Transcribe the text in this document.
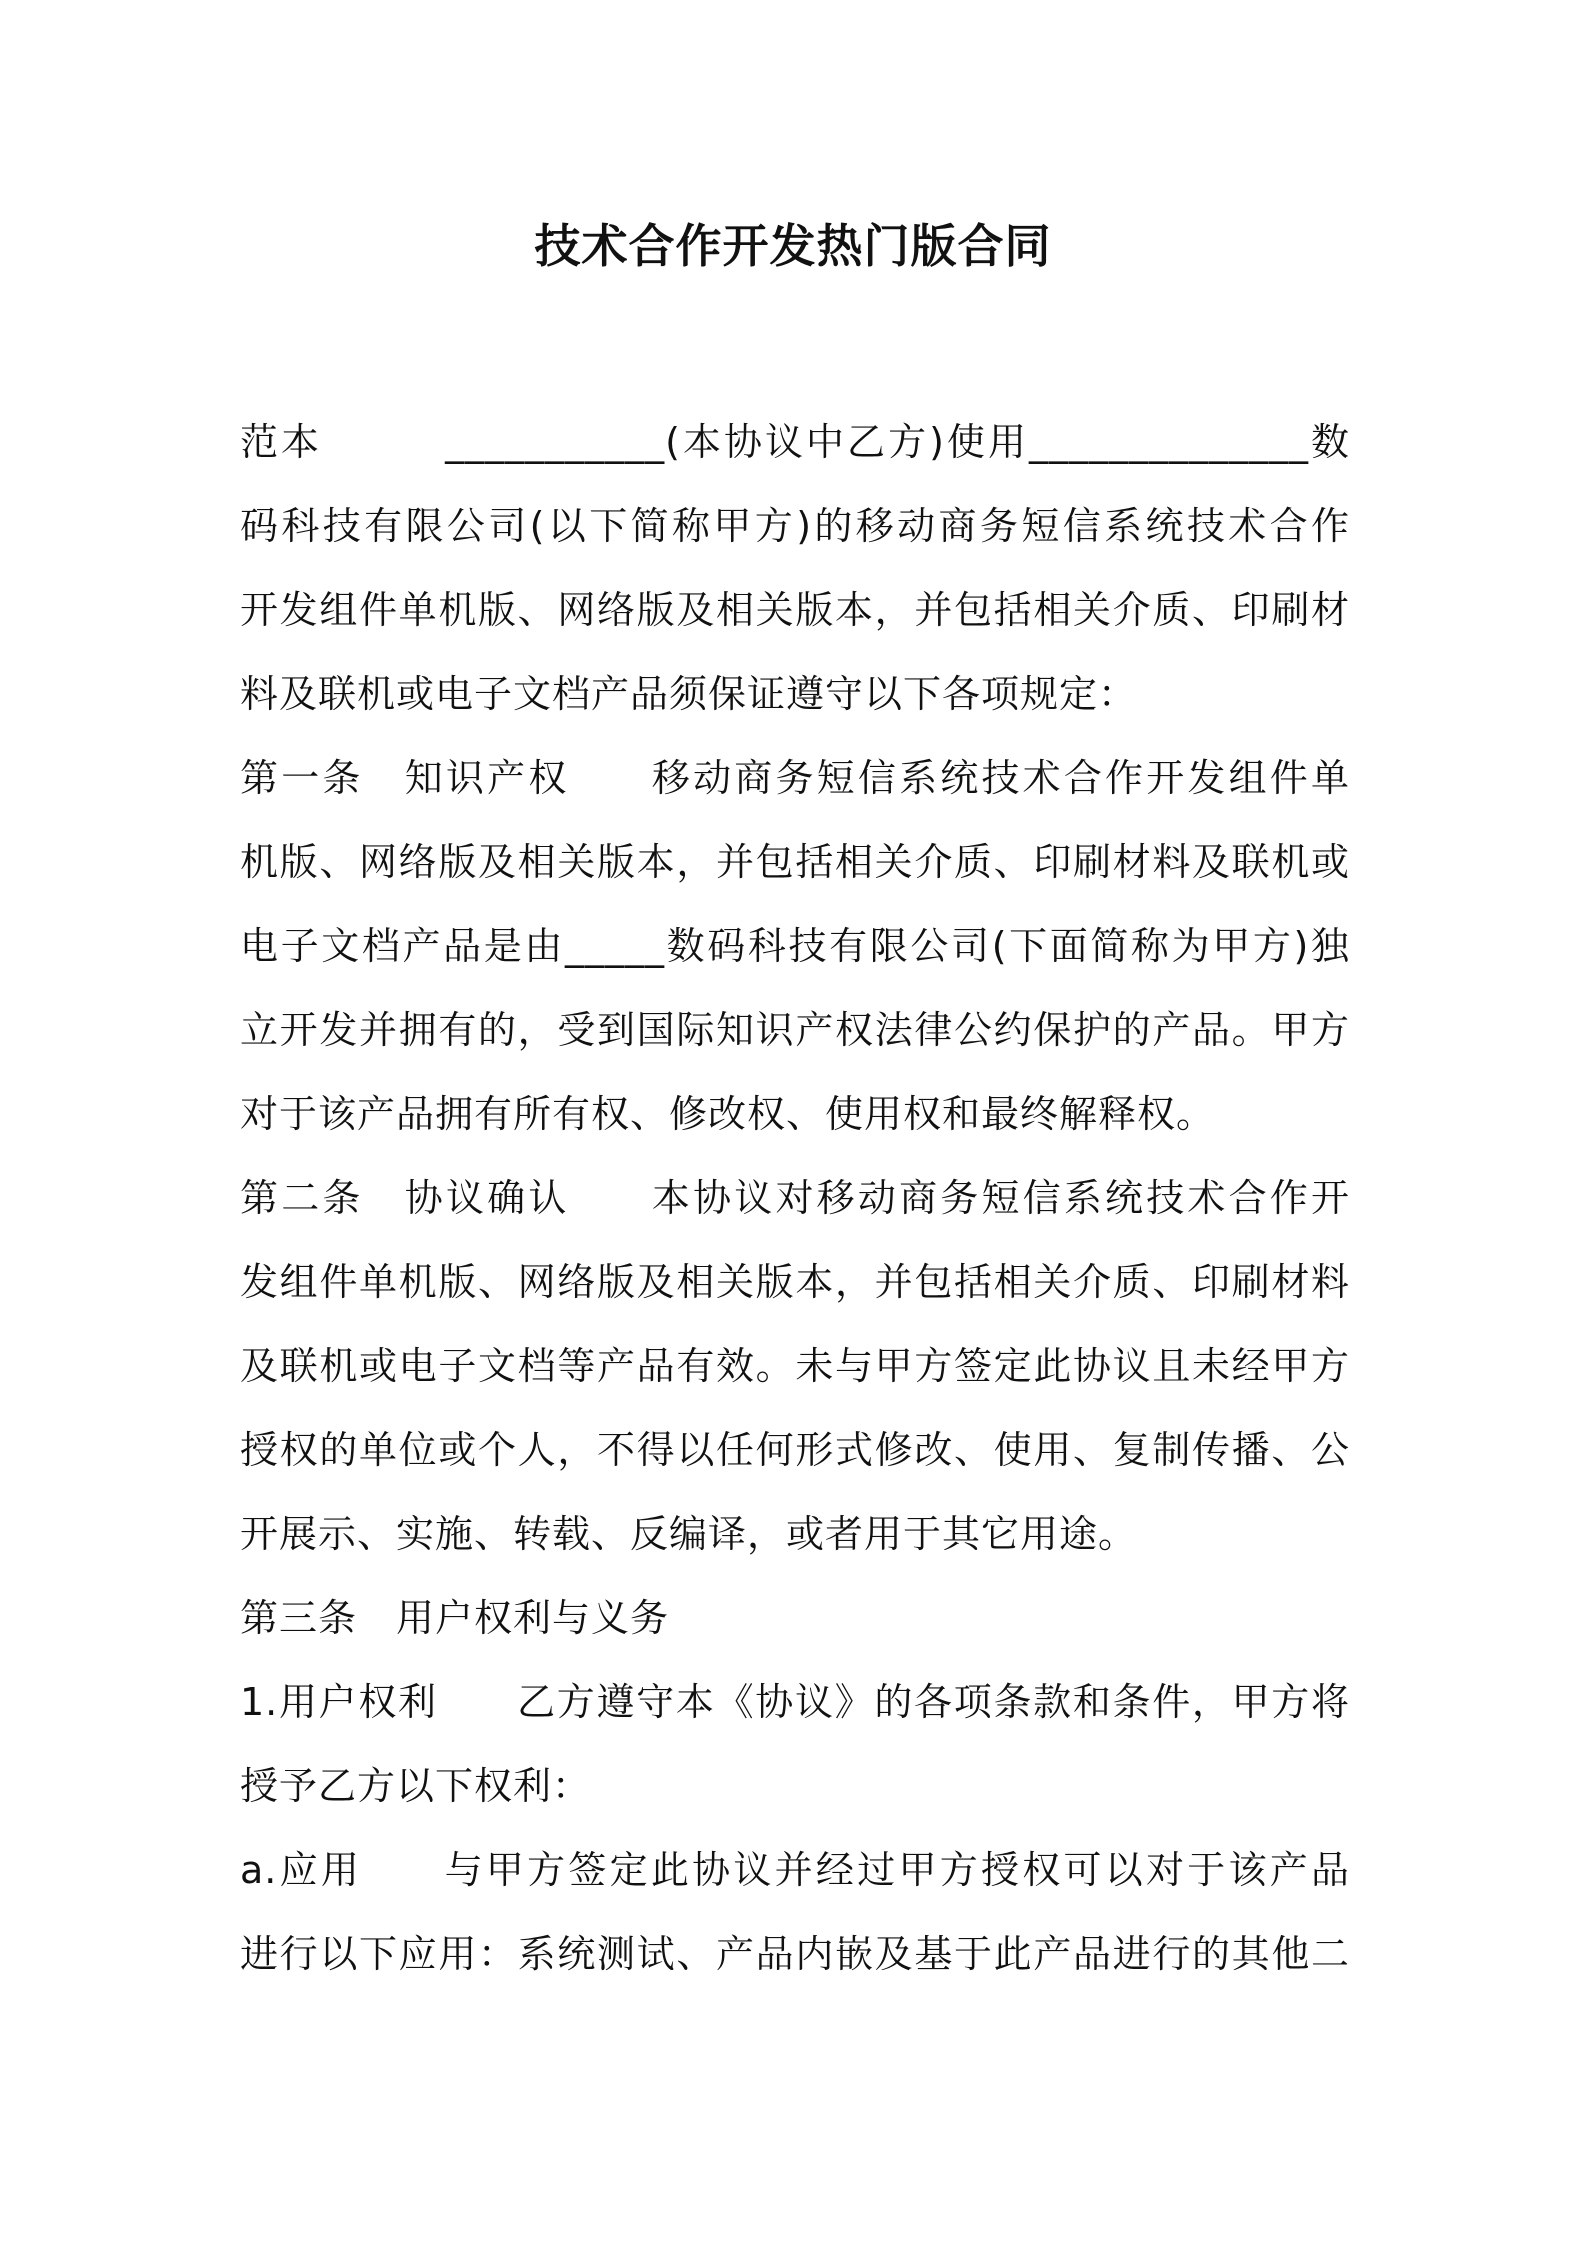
技术合作开发热门版合同
范本　　　___________(本协议中乙方)使用______________数
码科技有限公司(以下简称甲方)的移动商务短信系统技术合作
开发组件单机版、网络版及相关版本，并包括相关介质、印刷材
料及联机或电子文档产品须保证遵守以下各项规定：
第一条　知识产权　　移动商务短信系统技术合作开发组件单
机版、网络版及相关版本，并包括相关介质、印刷材料及联机或
电子文档产品是由_____数码科技有限公司(下面简称为甲方)独
立开发并拥有的，受到国际知识产权法律公约保护的产品。甲方
对于该产品拥有所有权、修改权、使用权和最终解释权。
第二条　协议确认　　本协议对移动商务短信系统技术合作开
发组件单机版、网络版及相关版本，并包括相关介质、印刷材料
及联机或电子文档等产品有效。未与甲方签定此协议且未经甲方
授权的单位或个人，不得以任何形式修改、使用、复制传播、公
开展示、实施、转载、反编译，或者用于其它用途。
第三条　用户权利与义务
1.用户权利　　乙方遵守本《协议》的各项条款和条件，甲方将
授予乙方以下权利：
a.应用　　与甲方签定此协议并经过甲方授权可以对于该产品
进行以下应用：系统测试、产品内嵌及基于此产品进行的其他二
